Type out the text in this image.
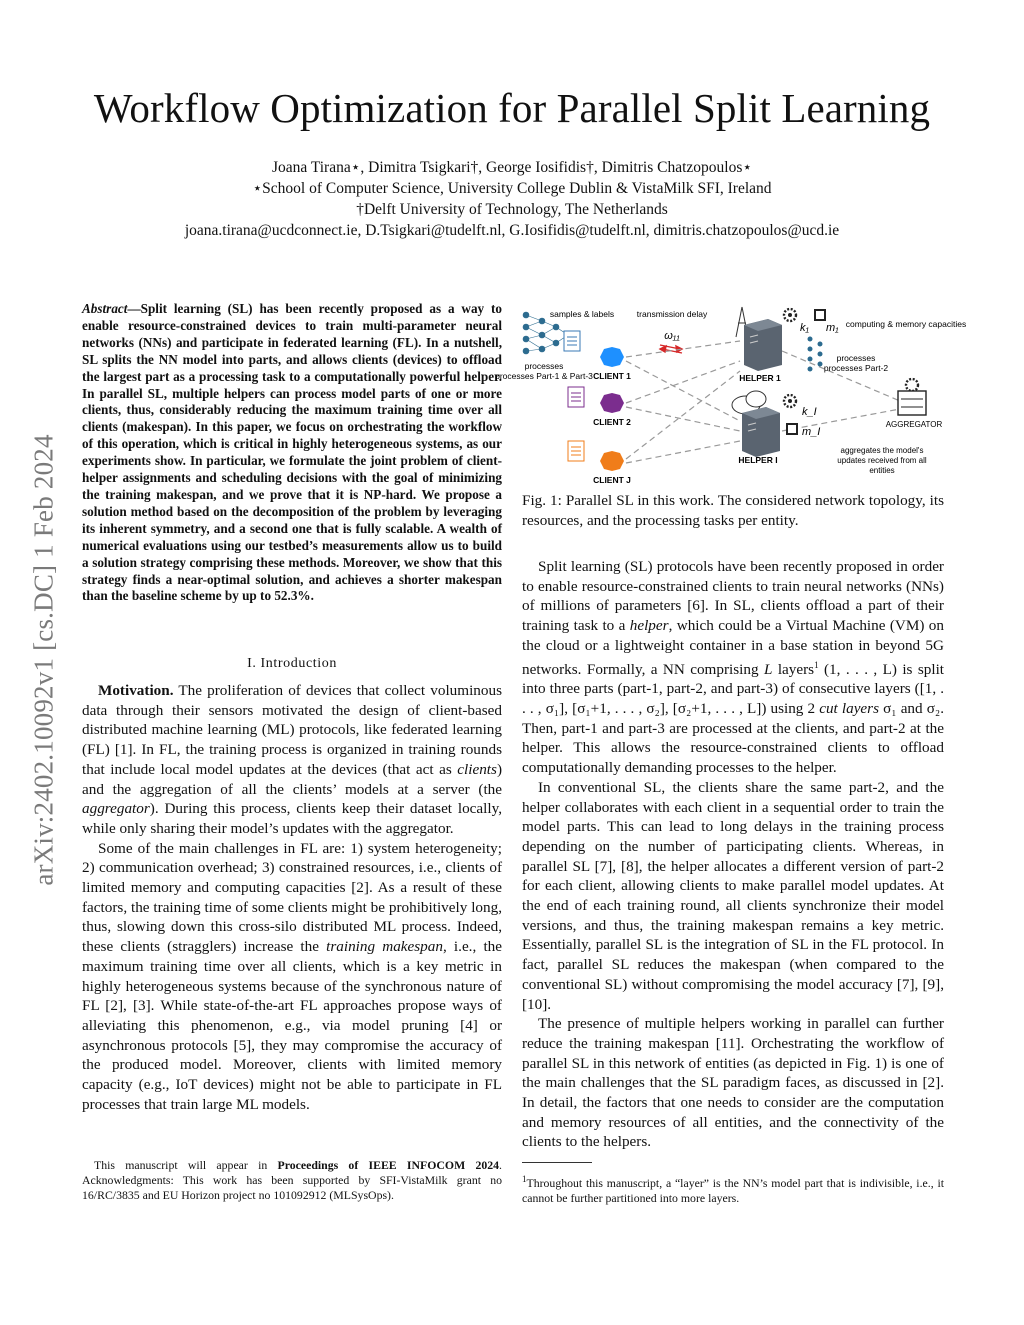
arXiv:2402.10092v1 [cs.DC] 1 Feb 2024
Workflow Optimization for Parallel Split Learning
Joana Tirana⋆, Dimitra Tsigkari†, George Iosifidis†, Dimitris Chatzopoulos⋆
⋆School of Computer Science, University College Dublin & VistaMilk SFI, Ireland
†Delft University of Technology, The Netherlands
joana.tirana@ucdconnect.ie, D.Tsigkari@tudelft.nl, G.Iosifidis@tudelft.nl, dimitris.chatzopoulos@ucd.ie
Abstract—Split learning (SL) has been recently proposed as a way to enable resource-constrained devices to train multi-parameter neural networks (NNs) and participate in federated learning (FL). In a nutshell, SL splits the NN model into parts, and allows clients (devices) to offload the largest part as a processing task to a computationally powerful helper. In parallel SL, multiple helpers can process model parts of one or more clients, thus, considerably reducing the maximum training time over all clients (makespan). In this paper, we focus on orchestrating the workflow of this operation, which is critical in highly heterogeneous systems, as our experiments show. In particular, we formulate the joint problem of client-helper assignments and scheduling decisions with the goal of minimizing the training makespan, and we prove that it is NP-hard. We propose a solution method based on the decomposition of the problem by leveraging its inherent symmetry, and a second one that is fully scalable. A wealth of numerical evaluations using our testbed’s measurements allow us to build a solution strategy comprising these methods. Moreover, we show that this strategy finds a near-optimal solution, and achieves a shorter makespan than the baseline scheme by up to 52.3%.
I. Introduction

Motivation. The proliferation of devices that collect voluminous data through their sensors motivated the design of client-based distributed machine learning (ML) protocols, like federated learning (FL) [1]. In FL, the training process is organized in training rounds that include local model updates at the devices (that act as clients) and the aggregation of all the clients’ models at a server (the aggregator). During this process, clients keep their dataset locally, while only sharing their model’s updates with the aggregator.

Some of the main challenges in FL are: 1) system heterogeneity; 2) communication overhead; 3) constrained resources, i.e., clients of limited memory and computing capacities [2]. As a result of these factors, the training time of some clients might be prohibitively long, thus, slowing down this cross-silo distributed ML process. Indeed, these clients (stragglers) increase the training makespan, i.e., the maximum training time over all clients, which is a key metric in highly heterogeneous systems because of the synchronous nature of FL [2], [3]. While state-of-the-art FL approaches propose ways of alleviating this phenomenon, e.g., via model pruning [4] or asynchronous protocols [5], they may compromise the accuracy of the produced model. Moreover, clients with limited memory capacity (e.g., IoT devices) might not be able to participate in FL processes that train large ML models.

This manuscript will appear in Proceedings of IEEE INFOCOM 2024. Acknowledgments: This work has been supported by SFI-VistaMilk grant no 16/RC/3835 and EU Horizon project no 101092912 (MLSysOps).

samples & labels	transmission delay
ω₁₁
processes
processes Part-1 & Part-3 CLIENT 1
CLIENT 2
CLIENT J
HELPER 1
HELPER I
k₁ m₁ computing & memory capacities
k_I
m_I
processes
processes Part-2
AGGREGATOR
aggregates the model's
updates received from all
entities
Fig. 1: Parallel SL in this work. The considered network topology, its resources, and the processing tasks per entity.

Split learning (SL) protocols have been recently proposed in order to enable resource-constrained clients to train neural networks (NNs) of millions of parameters [6]. In SL, clients offload a part of their training task to a helper, which could be a Virtual Machine (VM) on the cloud or a lightweight container in a base station in beyond 5G networks. Formally, a NN comprising L layers$^1$ (1, . . . , L) is split into three parts (part-1, part-2, and part-3) of consecutive layers ([1, . . . , σ₁], [σ₁+1, . . . , σ₂], [σ₂+1, . . . , L]) using 2 cut layers σ₁ and σ₂. Then, part-1 and part-3 are processed at the clients, and part-2 at the helper. This allows the resource-constrained clients to offload computationally demanding processes to the helper.

In conventional SL, the clients share the same part-2, and the helper collaborates with each client in a sequential order to train the model parts. This can lead to long delays in the training process depending on the number of participating clients. Whereas, in parallel SL [7], [8], the helper allocates a different version of part-2 for each client, allowing clients to make parallel model updates. At the end of each training round, all clients synchronize their model versions, and thus, the training makespan remains a key metric. Essentially, parallel SL is the integration of SL in the FL protocol. In fact, parallel SL reduces the makespan (when compared to the conventional SL) without compromising the model accuracy [7], [9], [10].

The presence of multiple helpers working in parallel can further reduce the training makespan [11]. Orchestrating the workflow of parallel SL in this network of entities (as depicted in Fig. 1) is one of the main challenges that the SL paradigm faces, as discussed in [2]. In detail, the factors that one needs to consider are the computation and memory resources of all entities, and the connectivity of the clients to the helpers.

$^1$Throughout this manuscript, a “layer” is the NN’s model part that is indivisible, i.e., it cannot be further partitioned into more layers.
